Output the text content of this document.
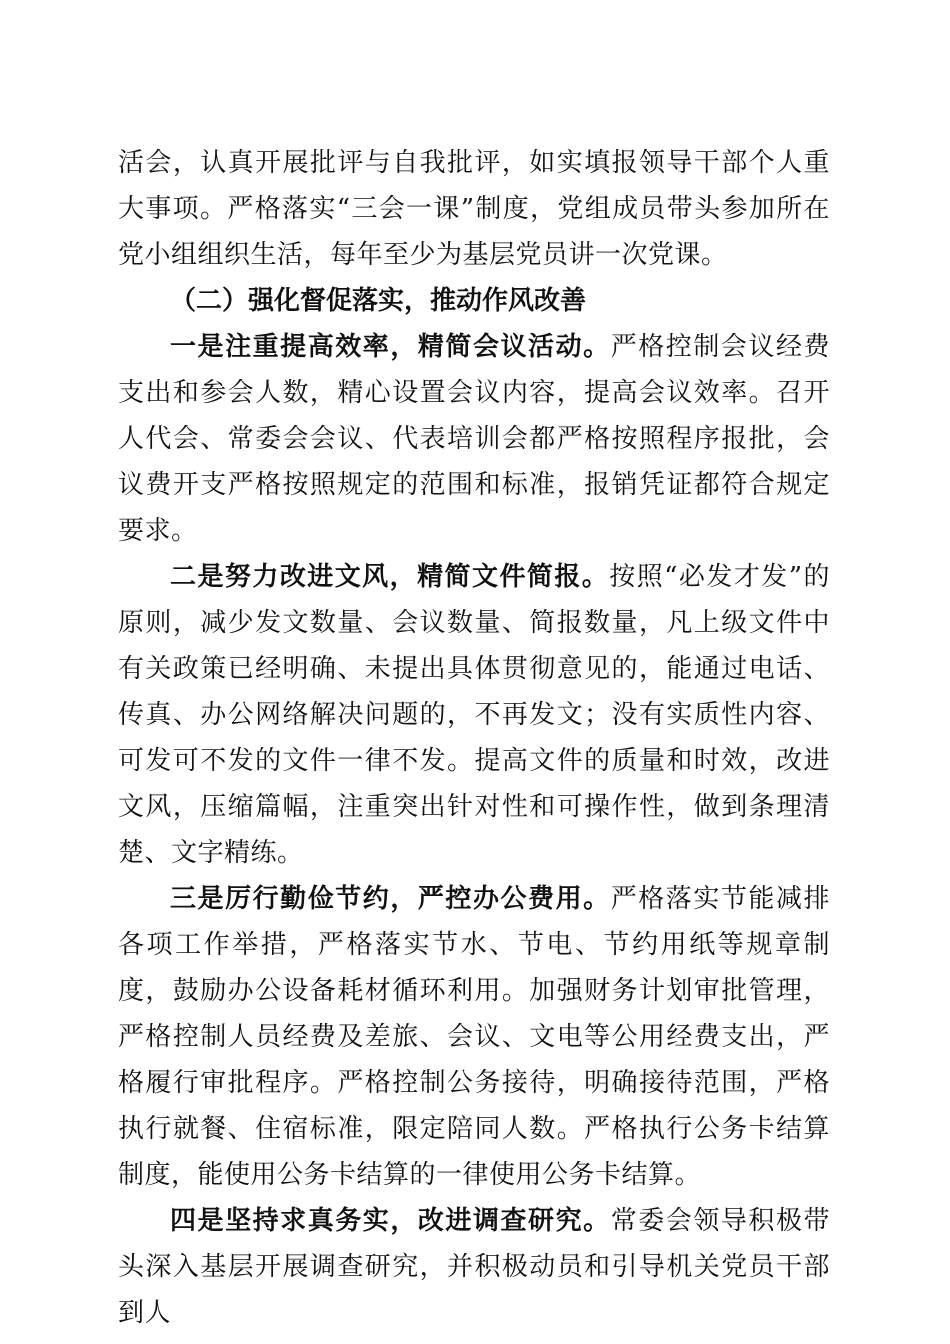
活会，认真开展批评与自我批评，如实填报领导干部个人重大事项。严格落实“三会一课”制度，党组成员带头参加所在党小组组织生活，每年至少为基层党员讲一次党课。

（二）强化督促落实，推动作风改善

一是注重提高效率，精简会议活动。严格控制会议经费支出和参会人数，精心设置会议内容，提高会议效率。召开人代会、常委会会议、代表培训会都严格按照程序报批，会议费开支严格按照规定的范围和标准，报销凭证都符合规定要求。

二是努力改进文风，精简文件简报。按照“必发才发”的原则，减少发文数量、会议数量、简报数量，凡上级文件中有关政策已经明确、未提出具体贯彻意见的，能通过电话、传真、办公网络解决问题的，不再发文；没有实质性内容、可发可不发的文件一律不发。提高文件的质量和时效，改进文风，压缩篇幅，注重突出针对性和可操作性，做到条理清楚、文字精练。

三是厉行勤俭节约，严控办公费用。严格落实节能减排各项工作举措，严格落实节水、节电、节约用纸等规章制度，鼓励办公设备耗材循环利用。加强财务计划审批管理，严格控制人员经费及差旅、会议、文电等公用经费支出，严格履行审批程序。严格控制公务接待，明确接待范围，严格执行就餐、住宿标准，限定陪同人数。严格执行公务卡结算制度，能使用公务卡结算的一律使用公务卡结算。

四是坚持求真务实，改进调查研究。常委会领导积极带头深入基层开展调查研究，并积极动员和引导机关党员干部到人
